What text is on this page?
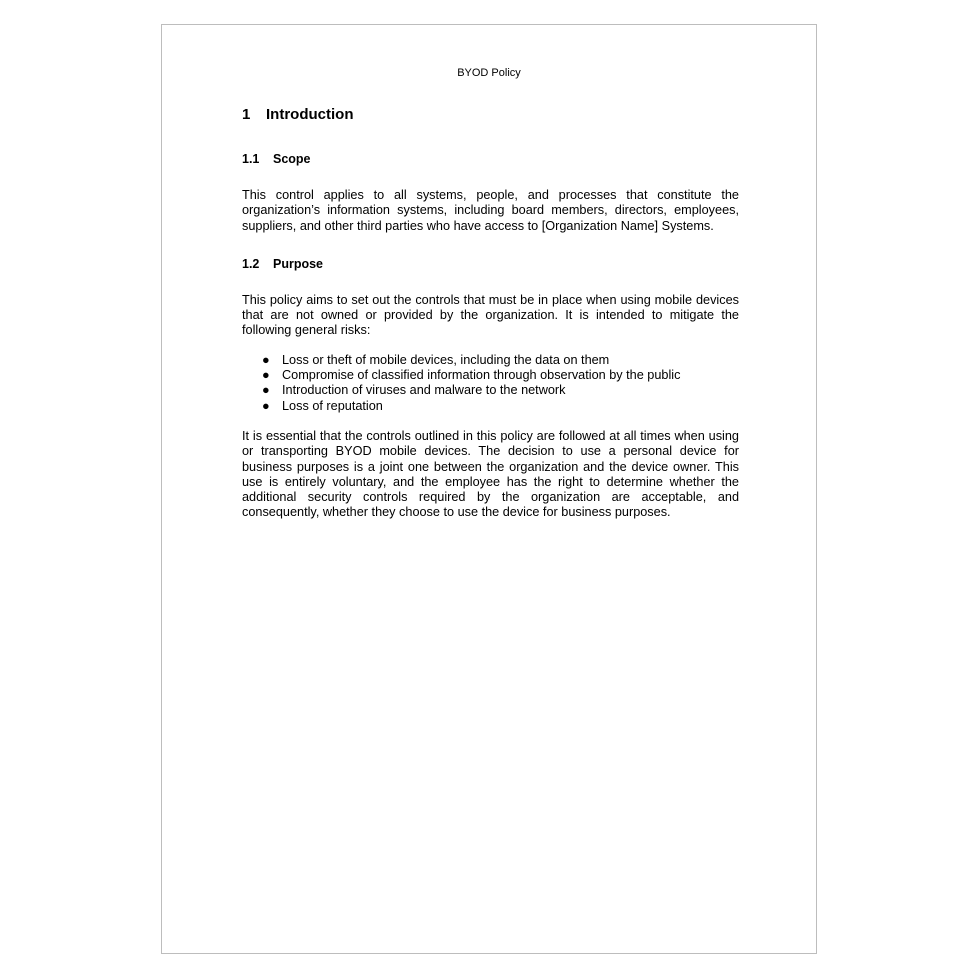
BYOD Policy
1 Introduction
1.1 Scope

This control applies to all systems, people, and processes that constitute the organization’s information systems, including board members, directors, employees, suppliers, and other third parties who have access to [Organization Name] Systems.

1.2 Purpose

This policy aims to set out the controls that must be in place when using mobile devices that are not owned or provided by the organization. It is intended to mitigate the following general risks:

● Loss or theft of mobile devices, including the data on them
● Compromise of classified information through observation by the public
● Introduction of viruses and malware to the network
● Loss of reputation

It is essential that the controls outlined in this policy are followed at all times when using or transporting BYOD mobile devices. The decision to use a personal device for business purposes is a joint one between the organization and the device owner. This use is entirely voluntary, and the employee has the right to determine whether the additional security controls required by the organization are acceptable, and consequently, whether they choose to use the device for business purposes.
